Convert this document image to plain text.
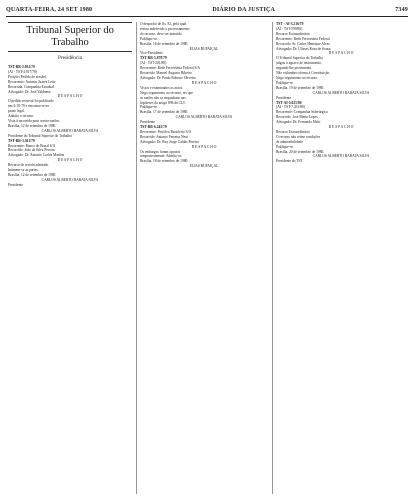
QUARTA-FEIRA, 24 SET 1980	DIÁRIO DA JUSTIÇA	7349
Tribunal Superior do Trabalho
Presidência
TST-RR-2.052/79
(AI - TST-4.917/78)
Petição (Pedido de sessão)
Recorrente: Antonio Juarez Leite
Recorrida: Companhia Estadual
Advogado: Dr. José Valdomir
D E S P A C H O
O pedido recursal foi publicado
em 4-10-79 e encontra-se no
prazo legal.
Admito o recurso.
Vista à recorrida para contra-razões.
Brasília, 12 de setembro de 1980.
CARLOS ALBERTO BARATA SILVA
Presidente do Tribunal Superior do Trabalho
TST-RR-3.361/79
Recorrente: Banco do Brasil S/A
Recorrido: João da Silva Pereira
Advogado: Dr. Antonio Carlos Martins
D E S P A C H O
Recurso de revista admitido.
Intimem-se as partes.
Brasília, 12 de setembro de 1980.
CARLOS ALBERTO BARATA SILVA
Presidente
O despacho de fls. 82, pelo qual
restou indeferido o processamento
do recurso, deve ser mantido.
Publique-se.
Brasília, 16 de setembro de 1980.
ELIAS BUFAIÇAL
Vice-Presidente
TST-RR-5.678/79
(AI - TST-201/80)
Recorrente: Rede Ferroviária Federal S/A
Recorrido: Manoel Augusto Ribeiro
Advogado: Dr. Paulo Roberto Oliveira
D E S P A C H O
Vistos e examinados os autos.
Nego seguimento ao recurso, eis que
as razões não se enquadram nas
hipóteses do artigo 896 da CLT.
Publique-se.
Brasília, 17 de setembro de 1980.
CARLOS ALBERTO BARATA SILVA
Presidente
TST-RR-6.245/79
Recorrente: Petróleo Brasileiro S/A
Recorrido: Antonio Ferreira Neto
Advogado: Dr. Ruy Jorge Caldas Pereira
D E S P A C H O
Os embargos foram opostos
tempestivamente. Admito-os.
Brasília, 18 de setembro de 1980.
ELIAS BUFAIÇAL
TST - AI-3.216/79
(AI - TST-599/80)
Recurso Extraordinário
Recorrente: Rede Ferroviária Federal
Recorrido: Sr. Carlos Henrique Alves
Advogado: Dr. Ulisses Rosa de Sousa
D E S P A C H O
O Tribunal Superior do Trabalho
julgou o agravo de instrumento,
negando-lhe provimento.
Não vislumbro ofensa à Constituição.
Nego seguimento ao recurso.
Publique-se.
Brasília, 19 de setembro de 1980.
CARLOS ALBERTO BARATA SILVA
Presidente
TST-AI-5.021/80
(AI - TST-7.431/80)
Recorrente: Companhia Siderúrgica
Recorrido: José Maria Lopes
Advogado: Dr. Fernando Melo
D E S P A C H O
Recurso Extraordinário
O recurso não reúne condições
de admissibilidade.
Publique-se.
Brasília, 20 de setembro de 1980.
CARLOS ALBERTO BARATA SILVA
Presidente do TST
